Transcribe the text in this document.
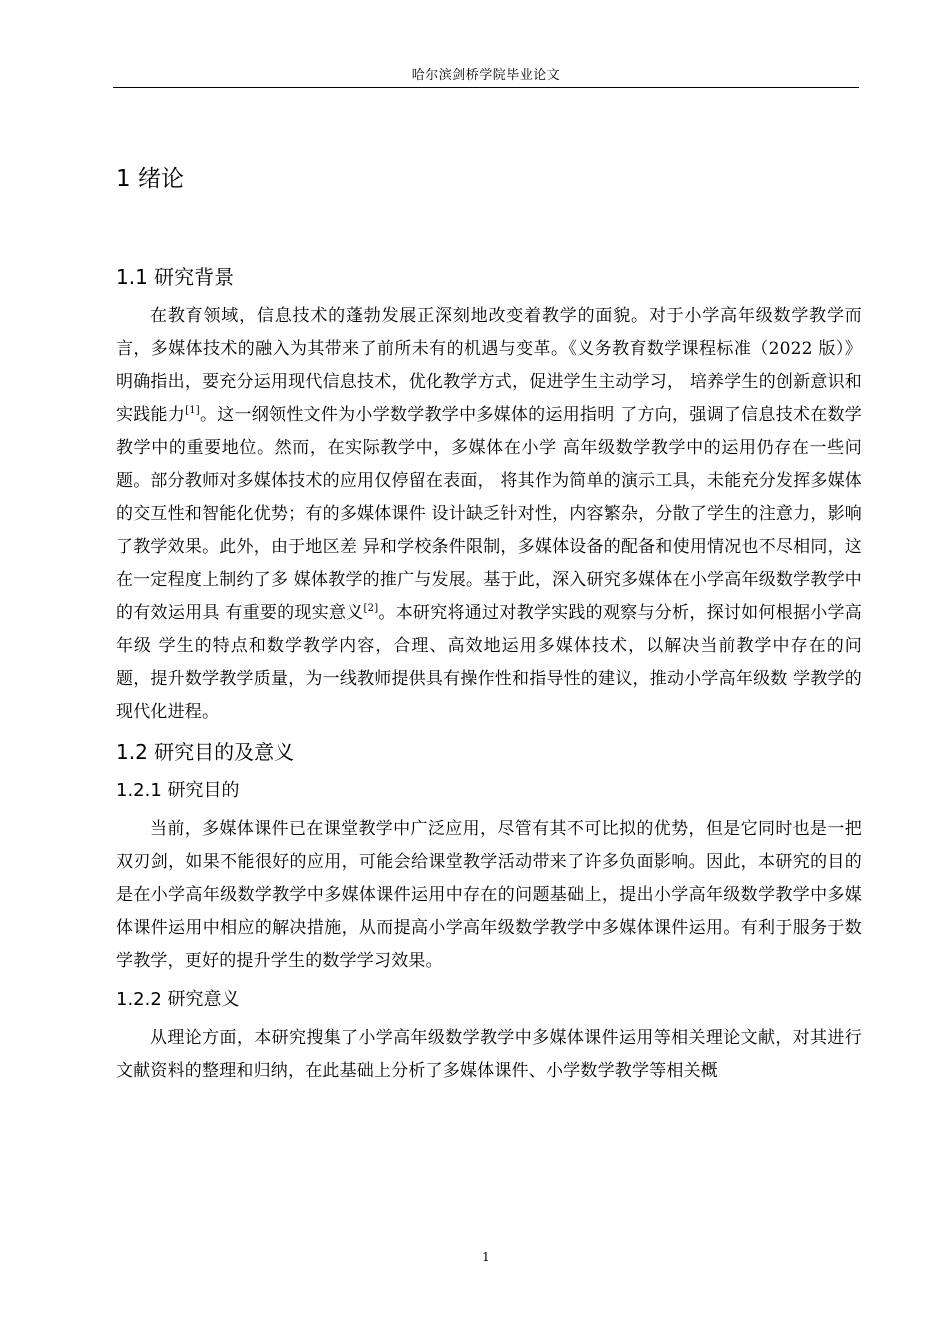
哈尔滨剑桥学院毕业论文
1 绪论
1.1 研究背景

在教育领域，信息技术的蓬勃发展正深刻地改变着教学的面貌。对于小学高年级数学教学而言，多媒体技术的融入为其带来了前所未有的机遇与变革。《义务教育数学课程标准（2022 版）》明确指出，要充分运用现代信息技术，优化教学方式，促进学生主动学习， 培养学生的创新意识和实践能力[1]。这一纲领性文件为小学数学教学中多媒体的运用指明 了方向，强调了信息技术在数学教学中的重要地位。然而，在实际教学中，多媒体在小学 高年级数学教学中的运用仍存在一些问题。部分教师对多媒体技术的应用仅停留在表面， 将其作为简单的演示工具，未能充分发挥多媒体的交互性和智能化优势；有的多媒体课件 设计缺乏针对性，内容繁杂，分散了学生的注意力，影响了教学效果。此外，由于地区差 异和学校条件限制，多媒体设备的配备和使用情况也不尽相同，这在一定程度上制约了多 媒体教学的推广与发展。基于此，深入研究多媒体在小学高年级数学教学中的有效运用具 有重要的现实意义[2]。本研究将通过对教学实践的观察与分析，探讨如何根据小学高年级 学生的特点和数学教学内容，合理、高效地运用多媒体技术，以解决当前教学中存在的问 题，提升数学教学质量，为一线教师提供具有操作性和指导性的建议，推动小学高年级数 学教学的现代化进程。

1.2 研究目的及意义
1.2.1 研究目的

当前，多媒体课件已在课堂教学中广泛应用，尽管有其不可比拟的优势，但是它同时也是一把双刃剑，如果不能很好的应用，可能会给课堂教学活动带来了许多负面影响。因此，本研究的目的是在小学高年级数学教学中多媒体课件运用中存在的问题基础上，提出小学高年级数学教学中多媒体课件运用中相应的解决措施，从而提高小学高年级数学教学中多媒体课件运用。有利于服务于数学教学，更好的提升学生的数学学习效果。

1.2.2 研究意义

从理论方面，本研究搜集了小学高年级数学教学中多媒体课件运用等相关理论文献，对其进行文献资料的整理和归纳，在此基础上分析了多媒体课件、小学数学教学等相关概

1
